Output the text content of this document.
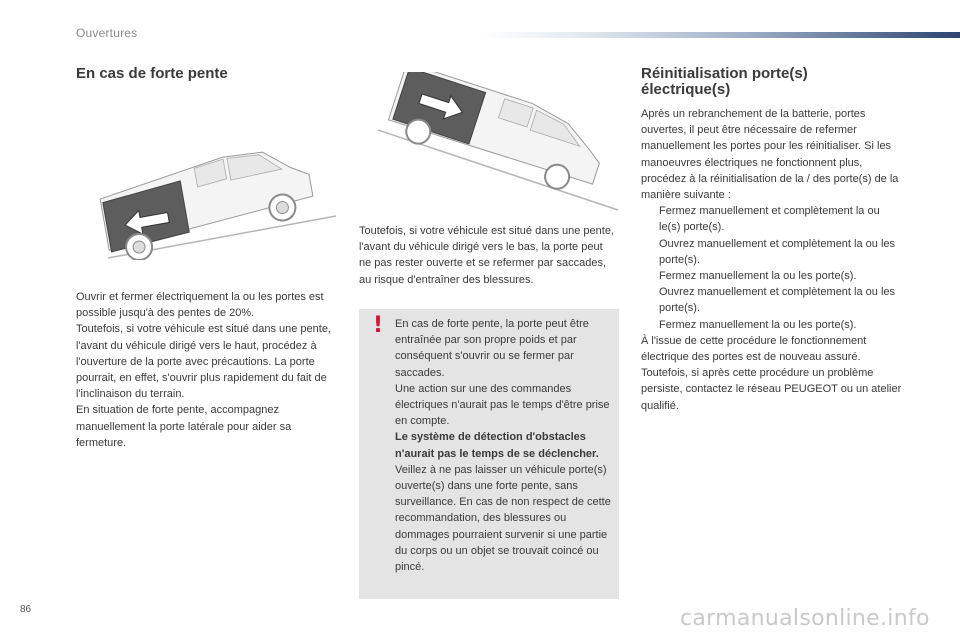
Ouvertures
En cas de forte pente

Ouvrir et fermer électriquement la ou les portes est possible jusqu'à des pentes de 20%.

Toutefois, si votre véhicule est situé dans une pente, l'avant du véhicule dirigé vers le haut, procédez à l'ouverture de la porte avec précautions. La porte pourrait, en effet, s'ouvrir plus rapidement du fait de l'inclinaison du terrain.

En situation de forte pente, accompagnez manuellement la porte latérale pour aider sa fermeture.

Toutefois, si votre véhicule est situé dans une pente, l'avant du véhicule dirigé vers le bas, la porte peut ne pas rester ouverte et se refermer par saccades, au risque d'entraîner des blessures.
! En cas de forte pente, la porte peut être entraînée par son propre poids et par conséquent s'ouvrir ou se fermer par saccades.

Une action sur une des commandes électriques n'aurait pas le temps d'être prise en compte.

Le système de détection d'obstacles n'aurait pas le temps de se déclencher.

Veillez à ne pas laisser un véhicule porte(s) ouverte(s) dans une forte pente, sans surveillance. En cas de non respect de cette recommandation, des blessures ou dommages pourraient survenir si une partie du corps ou un objet se trouvait coincé ou pincé.

Réinitialisation porte(s)
électrique(s)

Après un rebranchement de la batterie, portes ouvertes, il peut être nécessaire de refermer manuellement les portes pour les réinitialiser. Si les manoeuvres électriques ne fonctionnent plus, procédez à la réinitialisation de la / des porte(s) de la manière suivante :

Fermez manuellement et complètement la ou le(s) porte(s).
Ouvrez manuellement et complètement la ou les porte(s).
Fermez manuellement la ou les porte(s).
Ouvrez manuellement et complètement la ou les porte(s).
Fermez manuellement la ou les porte(s).

À l'issue de cette procédure le fonctionnement électrique des portes est de nouveau assuré.

Toutefois, si après cette procédure un problème persiste, contactez le réseau PEUGEOT ou un atelier qualifié.

86	carmanualsonline.info
